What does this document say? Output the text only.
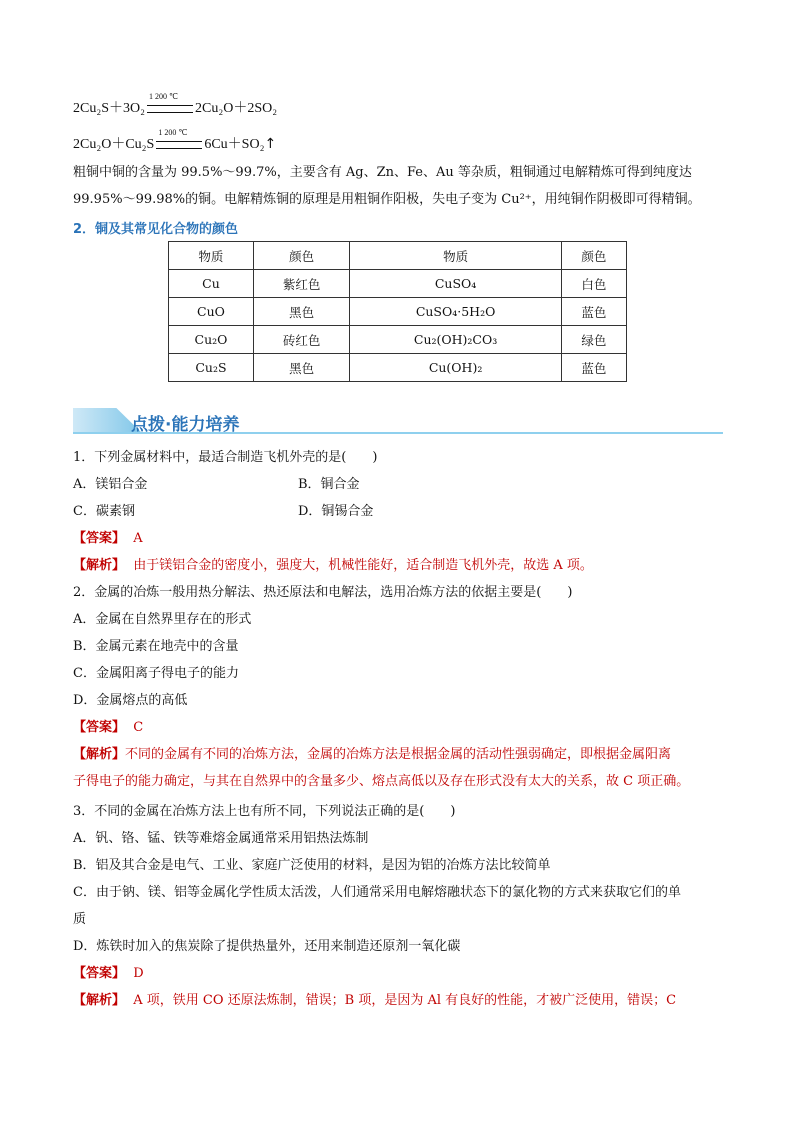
2Cu₂S＋3O₂
1 200 ℃
2Cu₂O＋2SO₂
2Cu₂O＋Cu₂S
1 200 ℃
6Cu＋SO₂↑
粗铜中铜的含量为 99.5%～99.7%，主要含有 Ag、Zn、Fe、Au 等杂质，粗铜通过电解精炼可得到纯度达
99.95%～99.98%的铜。电解精炼铜的原理是用粗铜作阳极，失电子变为 Cu²⁺，用纯铜作阴极即可得精铜。
2．铜及其常见化合物的颜色
物质	颜色	物质	颜色
Cu	紫红色	CuSO₄	白色
CuO	黑色	CuSO₄·5H₂O	蓝色
Cu₂O	砖红色	Cu₂(OH)₂CO₃	绿色
Cu₂S	黑色	Cu(OH)₂	蓝色
点拨·能力培养
1．下列金属材料中，最适合制造飞机外壳的是(　　)
A．镁铝合金	B．铜合金
C．碳素钢	D．铜锡合金
【答案】 A
【解析】 由于镁铝合金的密度小，强度大，机械性能好，适合制造飞机外壳，故选 A 项。
2．金属的冶炼一般用热分解法、热还原法和电解法，选用冶炼方法的依据主要是(　　)
A．金属在自然界里存在的形式
B．金属元素在地壳中的含量
C．金属阳离子得电子的能力
D．金属熔点的高低
【答案】 C
【解析】不同的金属有不同的冶炼方法，金属的冶炼方法是根据金属的活动性强弱确定，即根据金属阳离
子得电子的能力确定，与其在自然界中的含量多少、熔点高低以及存在形式没有太大的关系，故 C 项正确。
3．不同的金属在冶炼方法上也有所不同，下列说法正确的是(　　)
A．钒、铬、锰、铁等难熔金属通常采用铝热法炼制
B．铝及其合金是电气、工业、家庭广泛使用的材料，是因为铝的冶炼方法比较简单
C．由于钠、镁、铝等金属化学性质太活泼，人们通常采用电解熔融状态下的氯化物的方式来获取它们的单
质
D．炼铁时加入的焦炭除了提供热量外，还用来制造还原剂一氧化碳
【答案】 D
【解析】 A 项，铁用 CO 还原法炼制，错误；B 项，是因为 Al 有良好的性能，才被广泛使用，错误；C
